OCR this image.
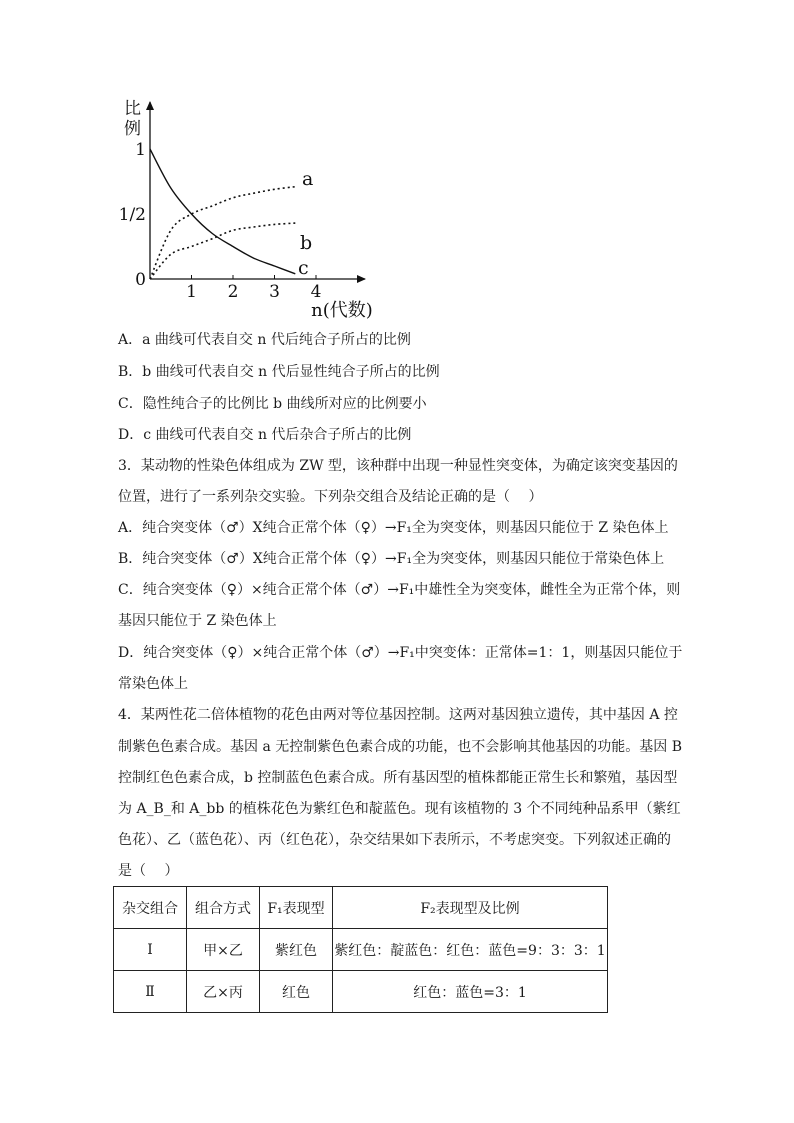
比
例
0
1/2
1
1 2 3 4
n(代数)
a
b
c
A．a 曲线可代表自交 n 代后纯合子所占的比例
B．b 曲线可代表自交 n 代后显性纯合子所占的比例
C．隐性纯合子的比例比 b 曲线所对应的比例要小
D．c 曲线可代表自交 n 代后杂合子所占的比例
3．某动物的性染色体组成为 ZW 型，该种群中出现一种显性突变体，为确定该突变基因的
位置，进行了一系列杂交实验。下列杂交组合及结论正确的是（　 ）
A．纯合突变体（♂）X纯合正常个体（♀）→F₁全为突变体，则基因只能位于 Z 染色体上
B．纯合突变体（♂）X纯合正常个体（♀）→F₁全为突变体，则基因只能位于常染色体上
C．纯合突变体（♀）×纯合正常个体（♂）→F₁中雄性全为突变体，雌性全为正常个体，则
基因只能位于 Z 染色体上
D．纯合突变体（♀）×纯合正常个体（♂）→F₁中突变体：正常体=1：1，则基因只能位于
常染色体上
4．某两性花二倍体植物的花色由两对等位基因控制。这两对基因独立遗传，其中基因 A 控
制紫色色素合成。基因 a 无控制紫色色素合成的功能，也不会影响其他基因的功能。基因 B
控制红色色素合成，b 控制蓝色色素合成。所有基因型的植株都能正常生长和繁殖，基因型
为 A_B_和 A_bb 的植株花色为紫红色和靛蓝色。现有该植物的 3 个不同纯种品系甲（紫红
色花）、乙（蓝色花）、丙（红色花），杂交结果如下表所示，不考虑突变。下列叙述正确的
是（　 ）
杂交组合	组合方式	F₁表现型	F₂表现型及比例
Ⅰ	甲×乙	紫红色	紫红色：靛蓝色：红色：蓝色=9：3：3：1
Ⅱ	乙×丙	红色	红色：蓝色=3：1
